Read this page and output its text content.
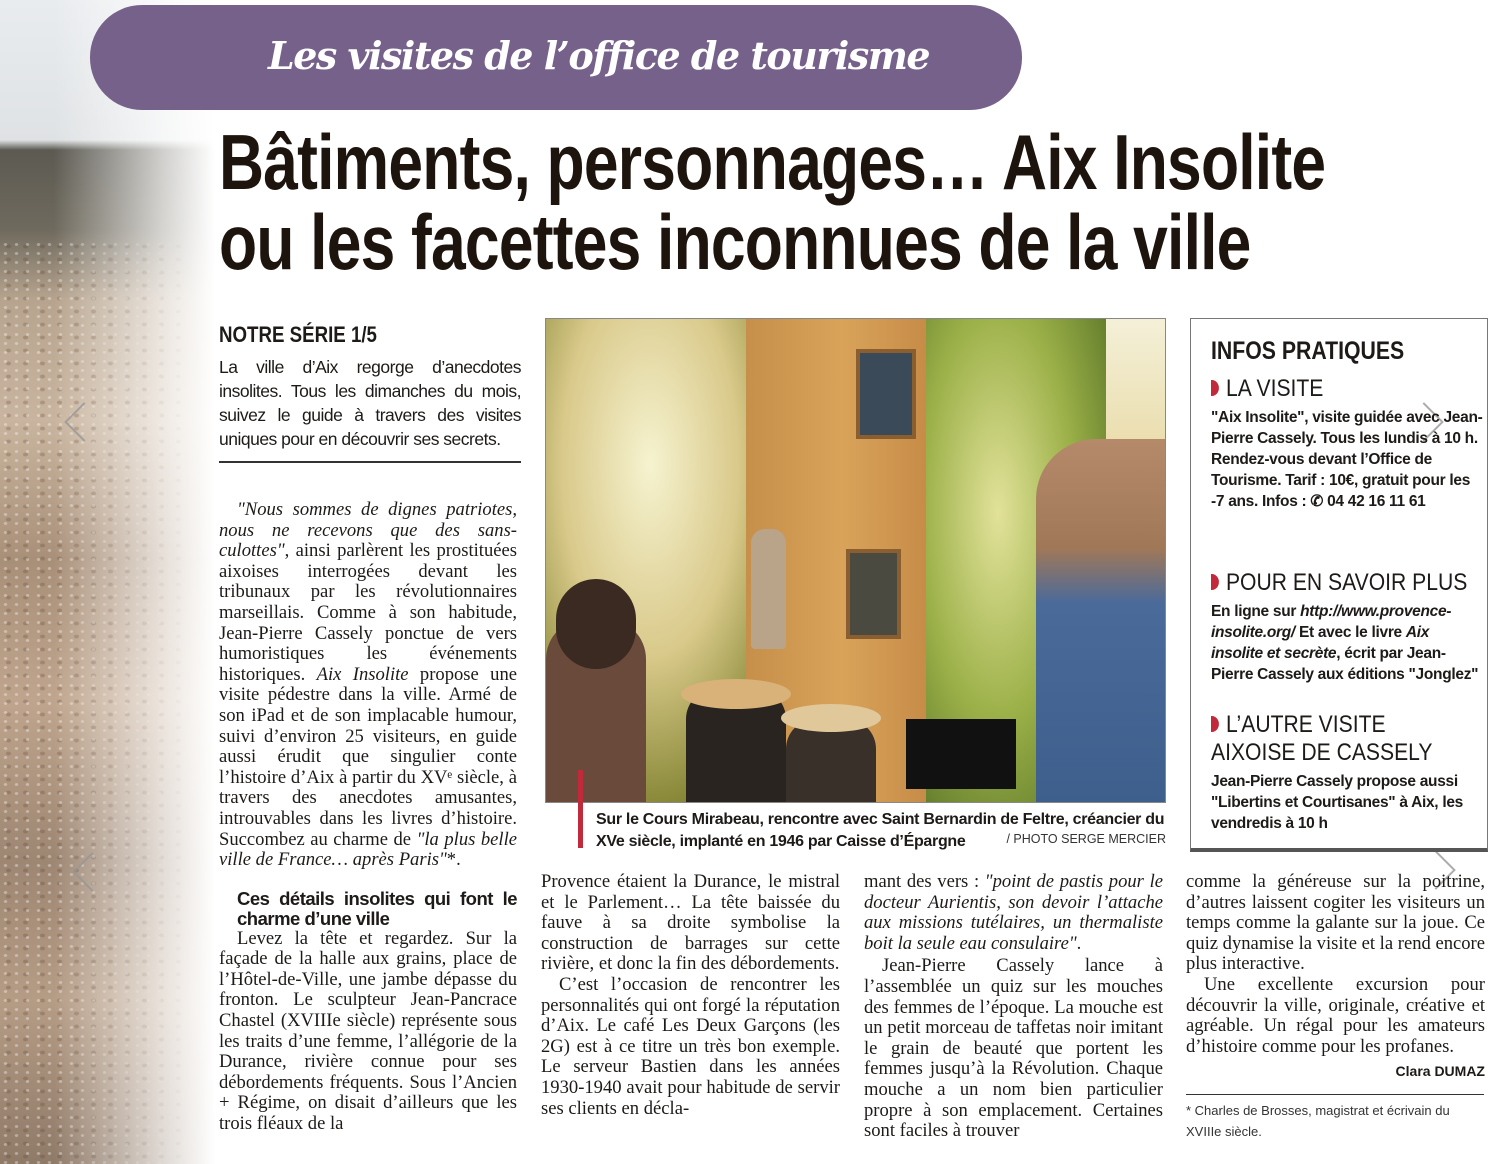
Les visites de l’office de tourisme
Bâtiments, personnages… Aix Insolite
ou les facettes inconnues de la ville
NOTRE SÉRIE 1/5
La ville d’Aix regorge d’anecdotes insolites. Tous les dimanches du mois, suivez le guide à travers des visites uniques pour en découvrir ses secrets.

"Nous sommes de dignes patriotes, nous ne recevons que des sans-culottes", ainsi parlèrent les prostituées aixoises interrogées devant les tribunaux par les révolutionnaires marseillais. Comme à son habitude, Jean-Pierre Cassely ponctue de vers humoristiques les événements historiques. Aix Insolite propose une visite pédestre dans la ville. Armé de son iPad et de son implacable humour, suivi d’environ 25 visiteurs, en guide aussi érudit que singulier conte l’histoire d’Aix à partir du XVᵉ siècle, à travers des anecdotes amusantes, introuvables dans les livres d’histoire. Succombez au charme de "la plus belle ville de France… après Paris"*.

Ces détails insolites qui font le charme d’une ville

Levez la tête et regardez. Sur la façade de la halle aux grains, place de l’Hôtel-de-Ville, une jambe dépasse du fronton. Le sculpteur Jean-Pancrace Chastel (XVIIIe siècle) représente sous les traits d’une femme, l’allégorie de la Durance, rivière connue pour ses débordements fréquents. Sous l’Ancien + Régime, on disait d’ailleurs que les trois fléaux de la

Sur le Cours Mirabeau, rencontre avec Saint Bernardin de Feltre, créancier du XVe siècle, implanté en 1946 par Caisse d’Épargne	/ PHOTO SERGE MERCIER
INFOS PRATIQUES
LA VISITE
"Aix Insolite", visite guidée avec Jean-Pierre Cassely. Tous les lundis à 10 h. Rendez-vous devant l’Office de Tourisme. Tarif : 10€, gratuit pour les -7 ans. Infos : ✆ 04 42 16 11 61
POUR EN SAVOIR PLUS
En ligne sur http://www.provence-insolite.org/ Et avec le livre Aix insolite et secrète, écrit par Jean-Pierre Cassely aux éditions "Jonglez"
L’AUTRE VISITE
AIXOISE DE CASSELY
Jean-Pierre Cassely propose aussi "Libertins et Courtisanes" à Aix, les vendredis à 10 h

Provence étaient la Durance, le mistral et le Parlement… La tête baissée du fauve à sa droite symbolise la construction de barrages sur cette rivière, et donc la fin des débordements.

C’est l’occasion de rencontrer les personnalités qui ont forgé la réputation d’Aix. Le café Les Deux Garçons (les 2G) est à ce titre un très bon exemple. Le serveur Bastien dans les années 1930-1940 avait pour habitude de servir ses clients en décla-

mant des vers : "point de pastis pour le docteur Aurientis, son devoir l’attache aux missions tutélaires, un thermaliste boit la seule eau consulaire".

Jean-Pierre Cassely lance à l’assemblée un quiz sur les mouches des femmes de l’époque. La mouche est un petit morceau de taffetas noir imitant le grain de beauté que portent les femmes jusqu’à la Révolution. Chaque mouche a un nom bien particulier propre à son emplacement. Certaines sont faciles à trouver

comme la généreuse sur la poitrine, d’autres laissent cogiter les visiteurs un temps comme la galante sur la joue. Ce quiz dynamise la visite et la rend encore plus interactive.

Une excellente excursion pour découvrir la ville, originale, créative et agréable. Un régal pour les amateurs d’histoire comme pour les profanes.

Clara DUMAZ
* Charles de Brosses, magistrat et écrivain du XVIIIe siècle.
